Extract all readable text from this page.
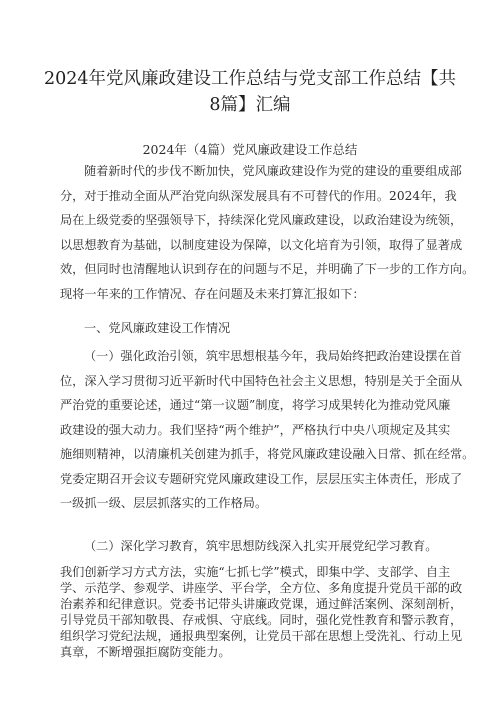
2024年党风廉政建设工作总结与党支部工作总结【共
8篇】汇编
2024年（4篇）党风廉政建设工作总结
随着新时代的步伐不断加快，党风廉政建设作为党的建设的重要组成部
分，对于推动全面从严治党向纵深发展具有不可替代的作用。2024年，我
局在上级党委的坚强领导下，持续深化党风廉政建设，以政治建设为统领，
以思想教育为基础，以制度建设为保障，以文化培育为引领，取得了显著成
效，但同时也清醒地认识到存在的问题与不足，并明确了下一步的工作方向。
现将一年来的工作情况、存在问题及未来打算汇报如下：
一、党风廉政建设工作情况
（一）强化政治引领，筑牢思想根基今年，我局始终把政治建设摆在首
位，深入学习贯彻习近平新时代中国特色社会主义思想，特别是关于全面从
严治党的重要论述，通过“第一议题”制度，将学习成果转化为推动党风廉
政建设的强大动力。我们坚持“两个维护”，严格执行中央八项规定及其实
施细则精神，以清廉机关创建为抓手，将党风廉政建设融入日常、抓在经常。
党委定期召开会议专题研究党风廉政建设工作，层层压实主体责任，形成了
一级抓一级、层层抓落实的工作格局。
（二）深化学习教育，筑牢思想防线深入扎实开展党纪学习教育。
我们创新学习方式方法，实施“七抓七学”模式，即集中学、支部学、自主
学、示范学、参观学、讲座学、平台学，全方位、多角度提升党员干部的政
治素养和纪律意识。党委书记带头讲廉政党课，通过鲜活案例、深刻剖析，
引导党员干部知敬畏、存戒惧、守底线。同时，强化党性教育和警示教育，
组织学习党纪法规，通报典型案例，让党员干部在思想上受洗礼、行动上见
真章，不断增强拒腐防变能力。
